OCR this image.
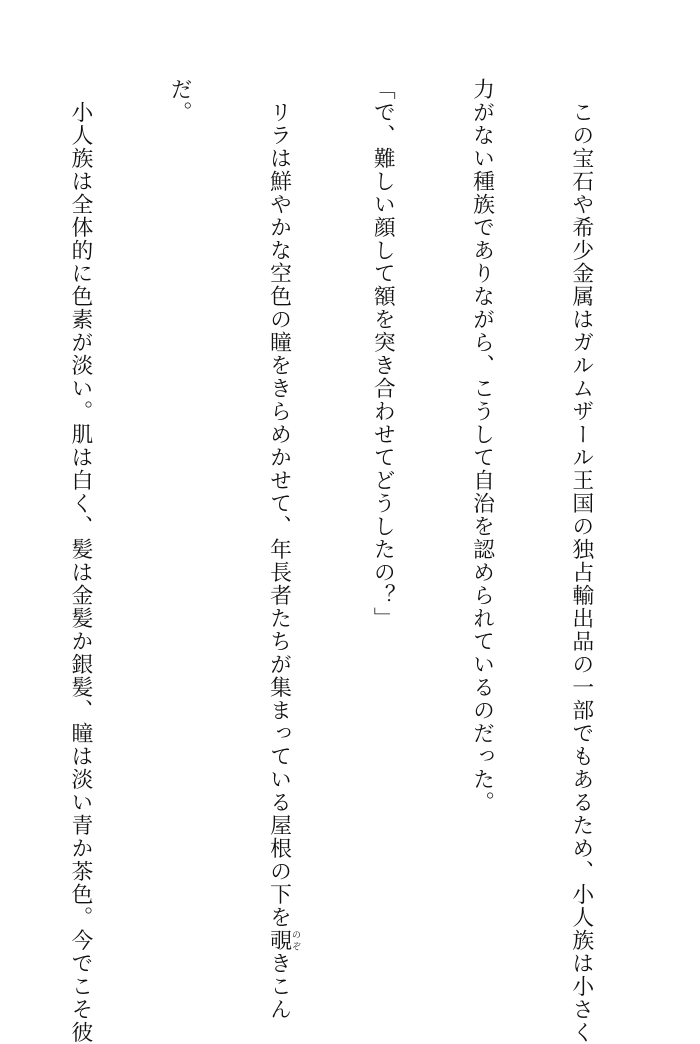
　この宝石や希少金属はガルムザール王国の独占輸出品の一部でもあるため、小人族は小さく

力がない種族でありながら、こうして自治を認められているのだった。

「で、難しい顔して額を突き合わせてどうしたの？」

　リラは鮮やかな空色の瞳をきらめかせて、年長者たちが集まっている屋根の下を覗のぞきこん

だ。

　小人族は全体的に色素が淡い。肌は白く、髪は金髪か銀髪、瞳は淡い青か茶色。今でこそ彼
